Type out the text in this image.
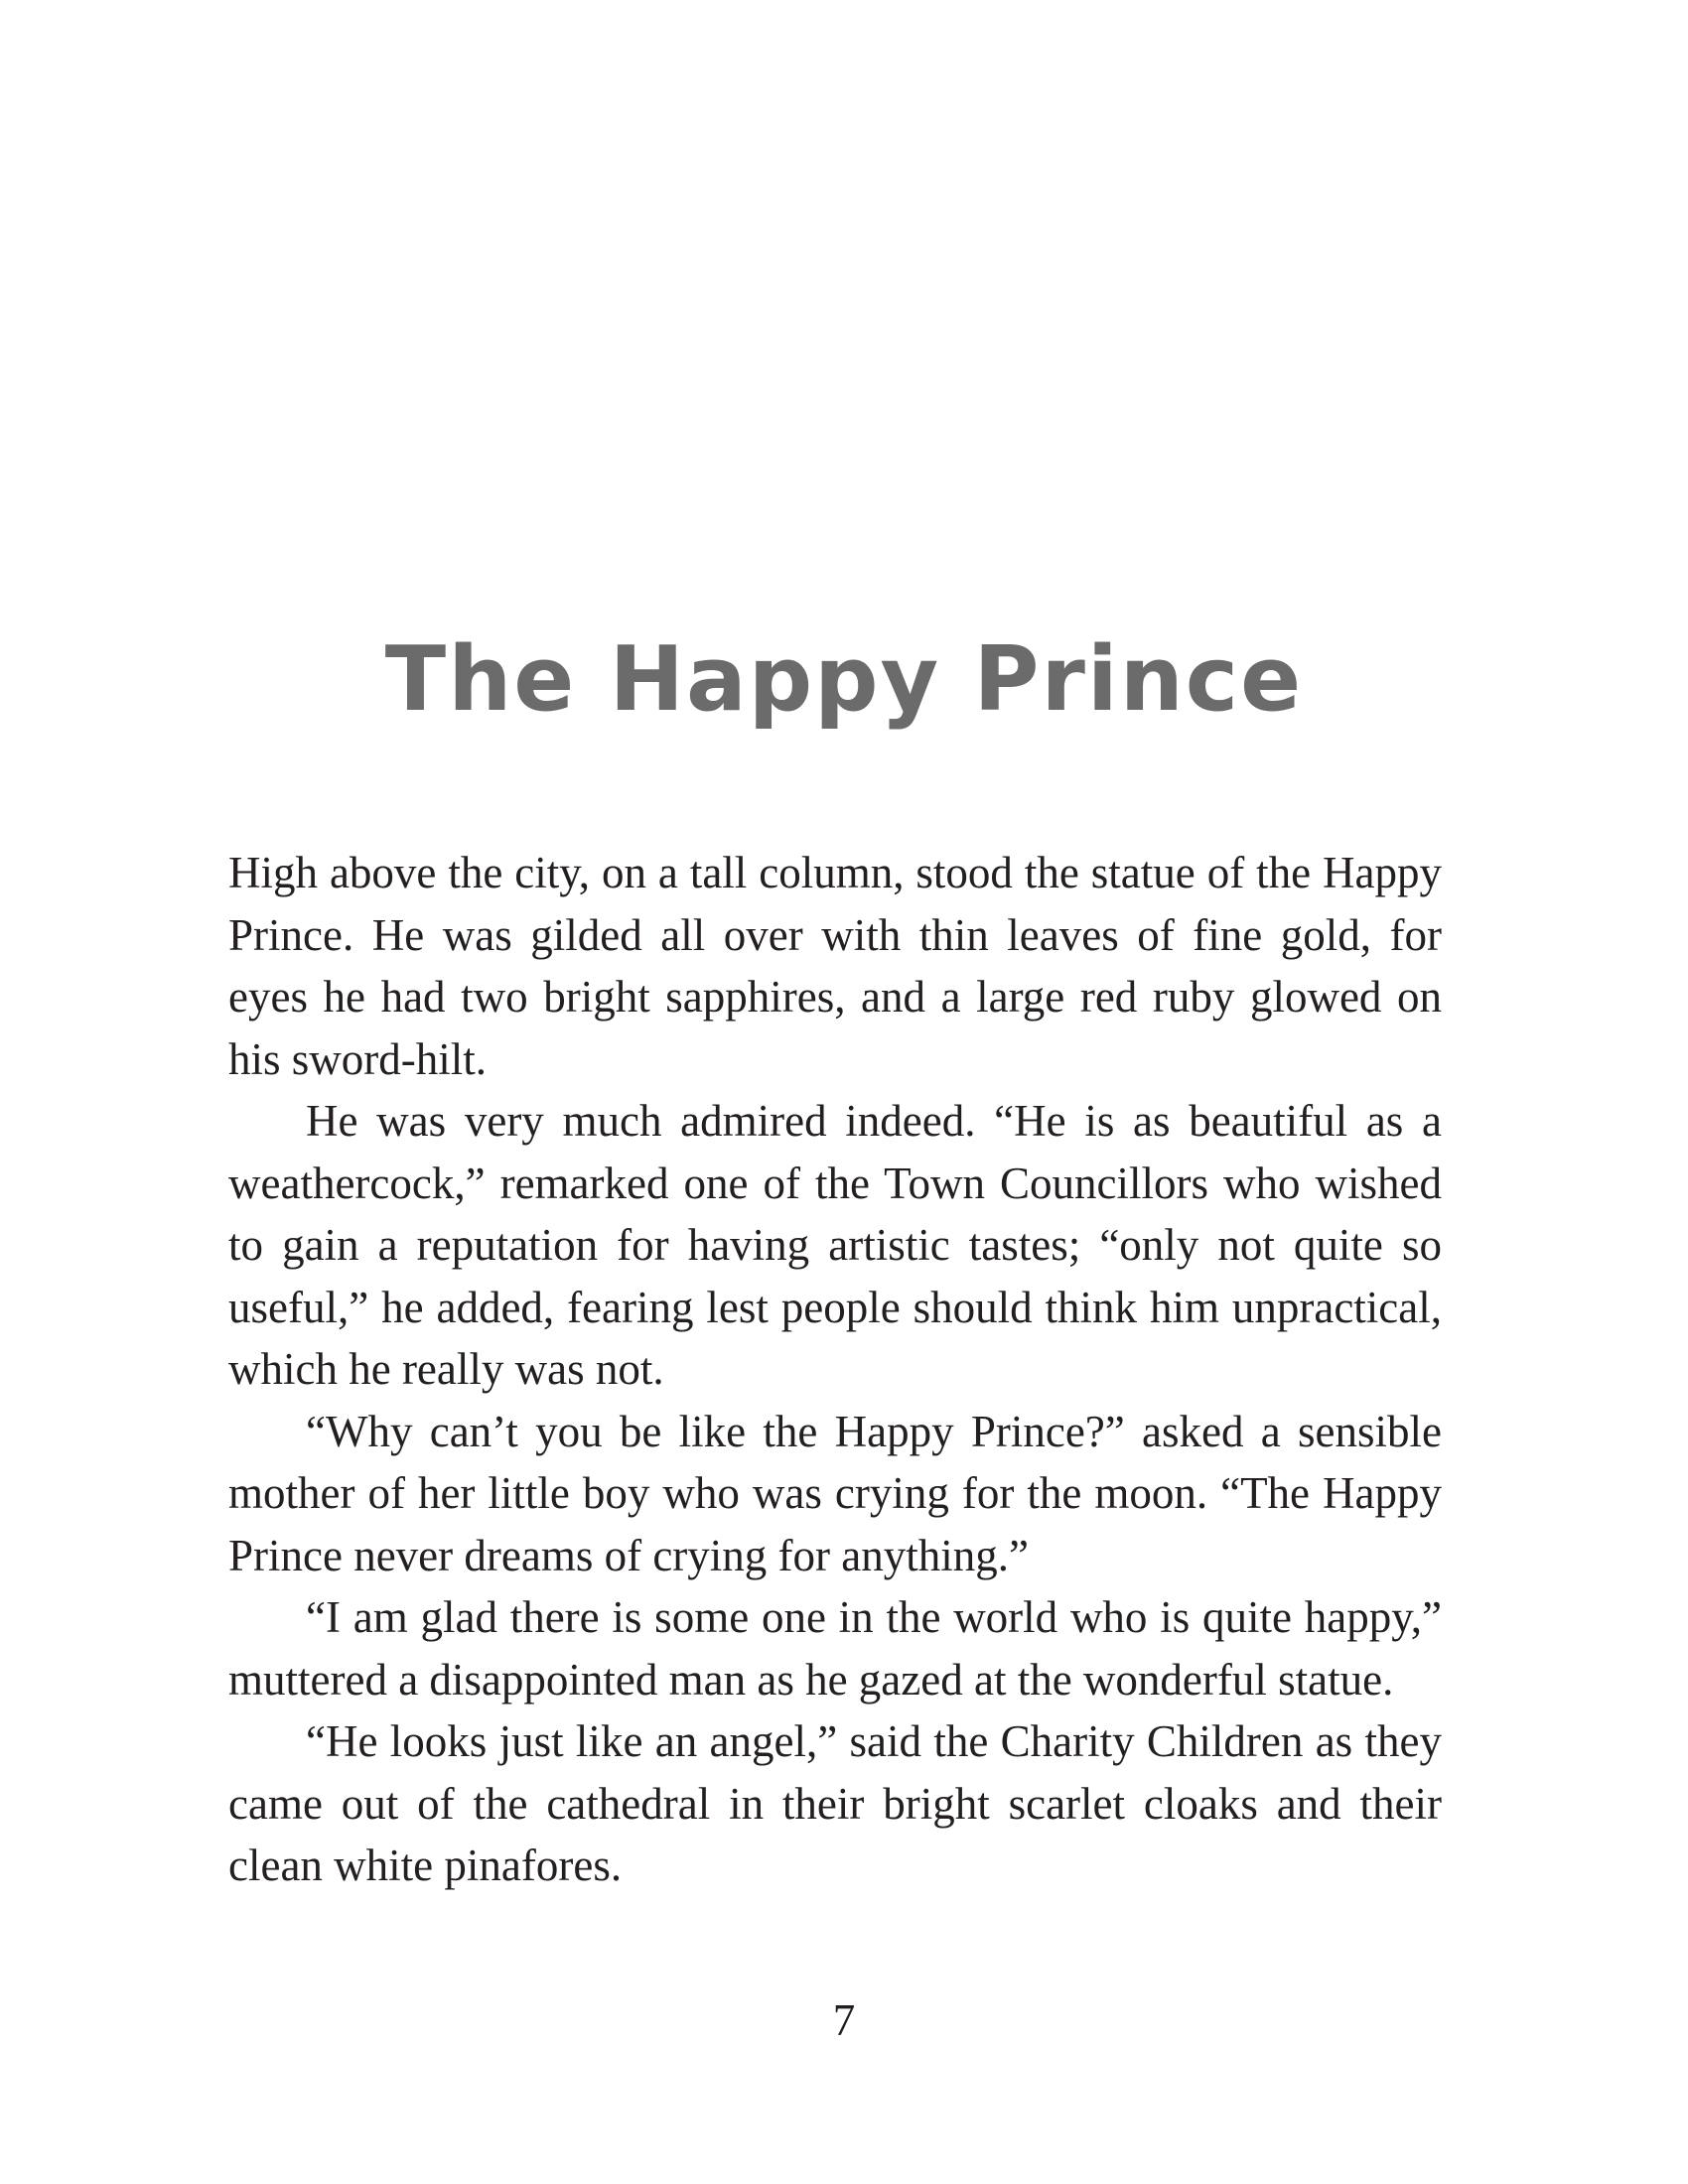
The Happy Prince

High above the city, on a tall column, stood the statue of the Happy Prince. He was gilded all over with thin leaves of fine gold, for eyes he had two bright sapphires, and a large red ruby glowed on his sword-hilt.

He was very much admired indeed. “He is as beautiful as a weathercock,” remarked one of the Town Councillors who wished to gain a reputation for having artistic tastes; “only not quite so useful,” he added, fearing lest people should think him unpractical, which he really was not.

“Why can’t you be like the Happy Prince?” asked a sensible mother of her little boy who was crying for the moon. “The Happy Prince never dreams of crying for anything.”

“I am glad there is some one in the world who is quite happy,” muttered a disappointed man as he gazed at the wonderful statue.

“He looks just like an angel,” said the Charity Children as they came out of the cathedral in their bright scarlet cloaks and their clean white pinafores.

7
